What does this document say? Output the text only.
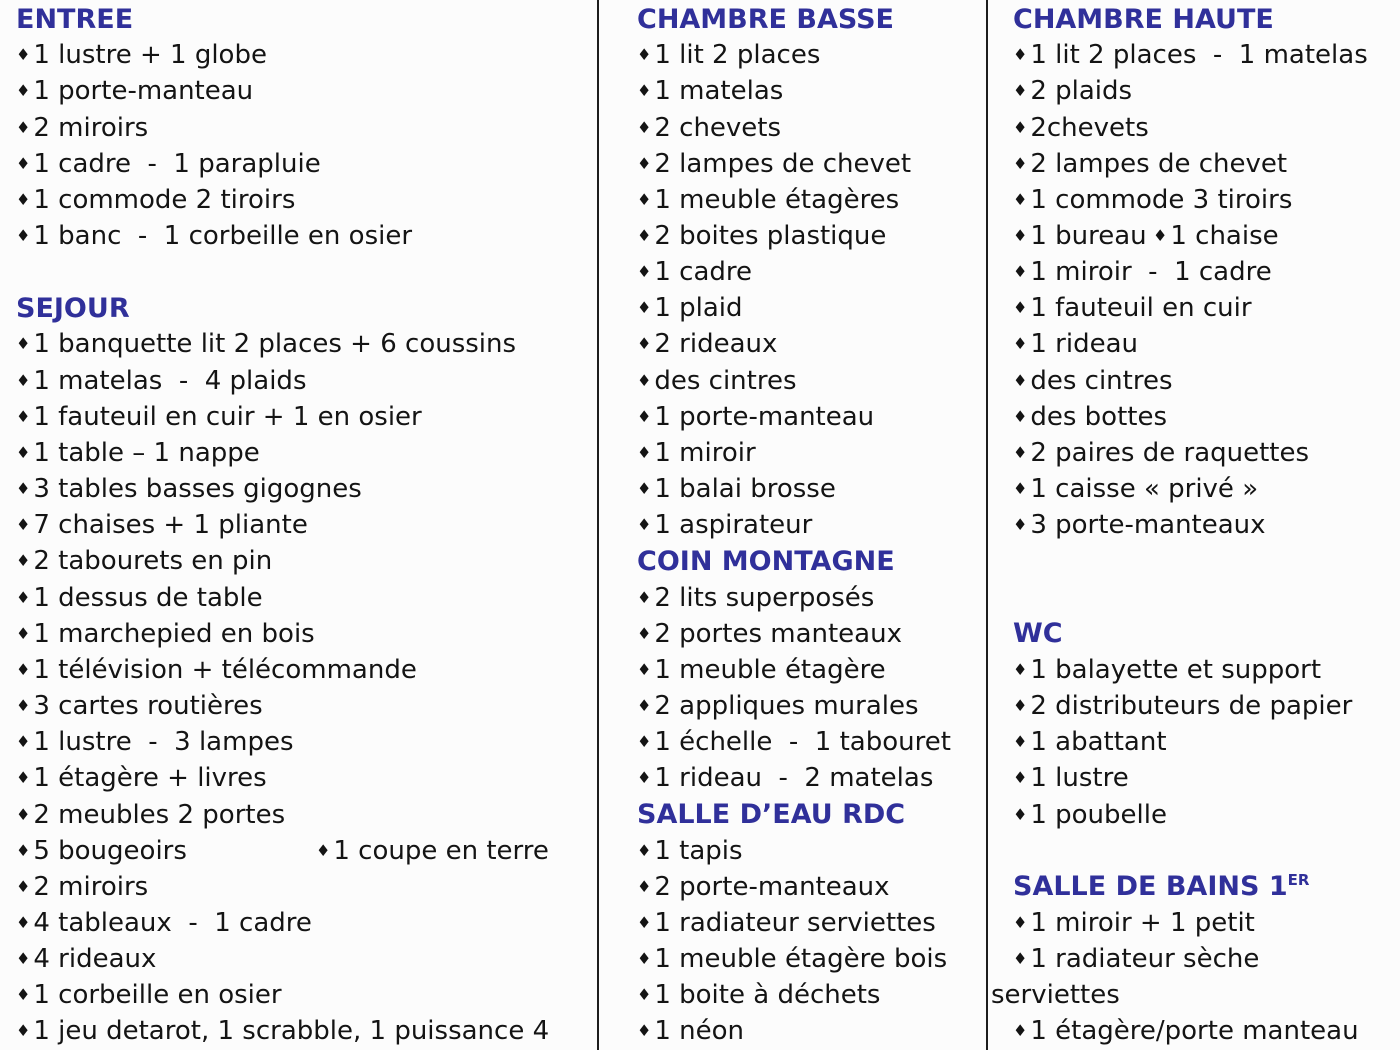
ENTREE
♦ 1 lustre + 1 globe
♦ 1 porte-manteau
♦ 2 miroirs
♦ 1 cadre  -  1 parapluie
♦ 1 commode 2 tiroirs
♦ 1 banc  -  1 corbeille en osier
SEJOUR
♦ 1 banquette lit 2 places + 6 coussins
♦ 1 matelas  -  4 plaids
♦ 1 fauteuil en cuir + 1 en osier
♦ 1 table – 1 nappe
♦ 3 tables basses gigognes
♦ 7 chaises + 1 pliante
♦ 2 tabourets en pin
♦ 1 dessus de table
♦ 1 marchepied en bois
♦ 1 télévision + télécommande
♦ 3 cartes routières
♦ 1 lustre  -  3 lampes
♦ 1 étagère + livres
♦ 2 meubles 2 portes
♦ 5 bougeoirs	♦ 1 coupe en terre
♦ 2 miroirs
♦ 4 tableaux  -  1 cadre
♦ 4 rideaux
♦ 1 corbeille en osier
♦ 1 jeu detarot, 1 scrabble, 1 puissance 4
CHAMBRE BASSE
♦ 1 lit 2 places
♦ 1 matelas
♦ 2 chevets
♦ 2 lampes de chevet
♦ 1 meuble étagères
♦ 2 boites plastique
♦ 1 cadre
♦ 1 plaid
♦ 2 rideaux
♦ des cintres
♦ 1 porte-manteau
♦ 1 miroir
♦ 1 balai brosse
♦ 1 aspirateur
COIN MONTAGNE
♦ 2 lits superposés
♦ 2 portes manteaux
♦ 1 meuble étagère
♦ 2 appliques murales
♦ 1 échelle  -  1 tabouret
♦ 1 rideau  -  2 matelas
SALLE D’EAU RDC
♦ 1 tapis
♦ 2 porte-manteaux
♦ 1 radiateur serviettes
♦ 1 meuble étagère bois
♦ 1 boite à déchets
♦ 1 néon
CHAMBRE HAUTE
♦ 1 lit 2 places  -  1 matelas
♦ 2 plaids
♦ 2chevets
♦ 2 lampes de chevet
♦ 1 commode 3 tiroirs
♦ 1 bureau ♦ 1 chaise
♦ 1 miroir  -  1 cadre
♦ 1 fauteuil en cuir
♦ 1 rideau
♦ des cintres
♦ des bottes
♦ 2 paires de raquettes
♦ 1 caisse « privé »
♦ 3 porte-manteaux
WC
♦ 1 balayette et support
♦ 2 distributeurs de papier
♦ 1 abattant
♦ 1 lustre
♦ 1 poubelle
SALLE DE BAINS 1ER
♦ 1 miroir + 1 petit
♦ 1 radiateur sèche
serviettes
♦ 1 étagère/porte manteau
